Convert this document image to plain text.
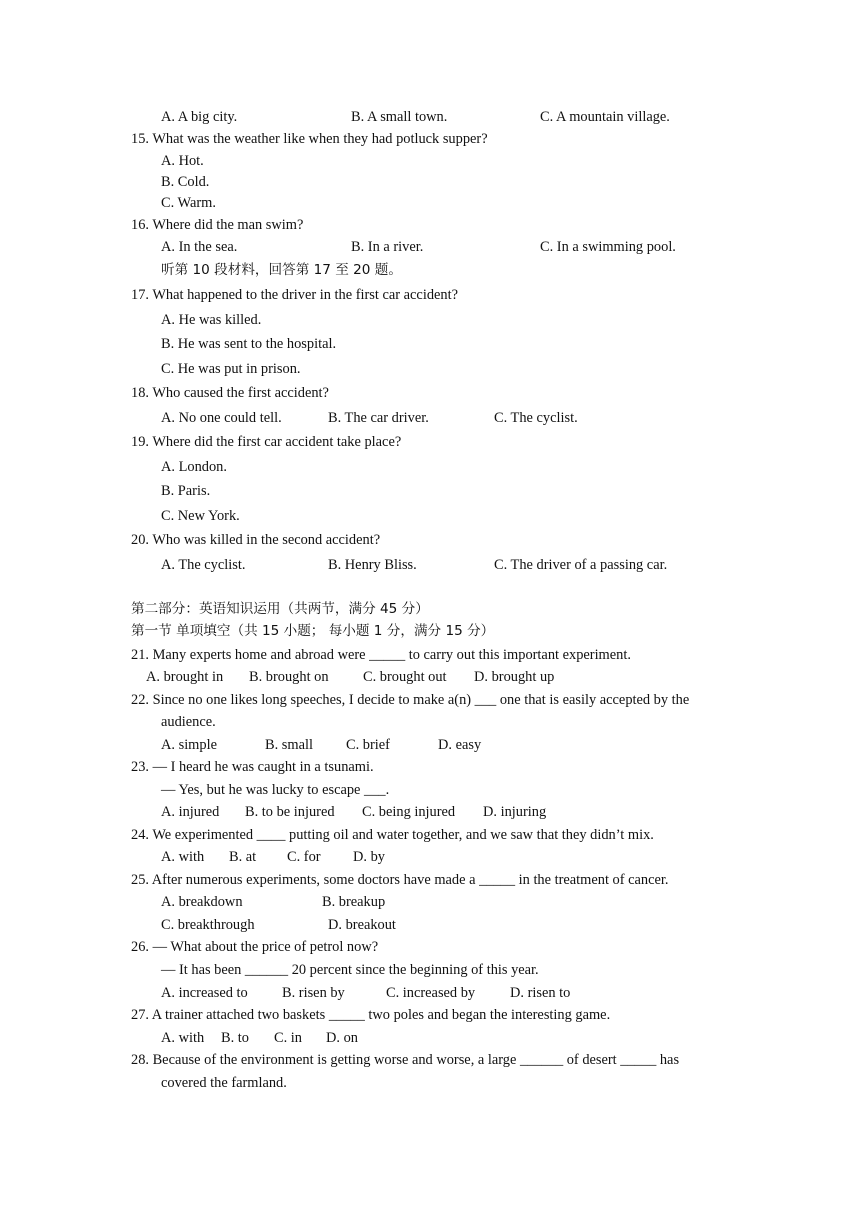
A. A big city.	B. A small town.	C. A mountain village.
15. What was the weather like when they had potluck supper?
A. Hot.
B. Cold.
C. Warm.
16. Where did the man swim?
A. In the sea.	B. In a river.	C. In a swimming pool.
听第 10 段材料，回答第 17 至 20 题。
17. What happened to the driver in the first car accident?
A. He was killed.
B. He was sent to the hospital.
C. He was put in prison.
18. Who caused the first accident?
A. No one could tell.	B. The car driver.	C. The cyclist.
19. Where did the first car accident take place?
A. London.
B. Paris.
C. New York.
20. Who was killed in the second accident?
A. The cyclist.	B. Henry Bliss.	C. The driver of a passing car.
第二部分：英语知识运用（共两节，满分 45 分）
第一节 单项填空（共 15 小题； 每小题 1 分，满分 15 分）
21. Many experts home and abroad were _____ to carry out this important experiment.
A. brought in B. brought on C. brought out D. brought up
22. Since no one likes long speeches, I decide to make a(n) ___ one that is easily accepted by the
audience.
A. simple	B. small C. brief	D. easy
23. — I heard he was caught in a tsunami.
— Yes, but he was lucky to escape ___.
A. injured B. to be injured C. being injured D. injuring
24. We experimented ____ putting oil and water together, and we saw that they didn’t mix.
A. with B. at C. for D. by
25. After numerous experiments, some doctors have made a _____ in the treatment of cancer.
A. breakdown	B. breakup
C. breakthrough	D. breakout
26. — What about the price of petrol now?
— It has been ______ 20 percent since the beginning of this year.
A. increased to B. risen by	C. increased by D. risen to
27. A trainer attached two baskets _____ two poles and began the interesting game.
A. with B. to C. in D. on
28. Because of the environment is getting worse and worse, a large ______ of desert _____ has
covered the farmland.
